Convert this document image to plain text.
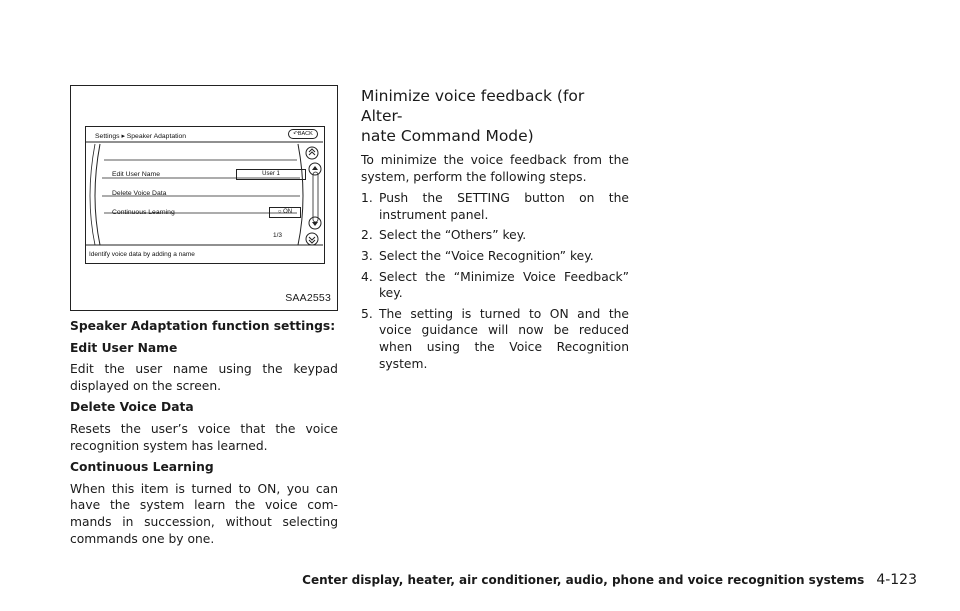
Settings ▸ Speaker Adaptation	↶BACK
Edit User Name	User 1
Delete Voice Data
Continuous Learning	○ ON
1/3
Identify voice data by adding a name
SAA2553

Speaker Adaptation function settings:

Edit User Name

Edit the user name using the keypad displayed on the screen.

Delete Voice Data

Resets the user’s voice that the voice recognition system has learned.

Continuous Learning

When this item is turned to ON, you can have the system learn the voice com-mands in succession, without selecting commands one by one.

Minimize voice feedback (for Alter-
nate Command Mode)

To minimize the voice feedback from the system, perform the following steps.

1. Push the SETTING button on the instrument panel.
2. Select the “Others” key.
3. Select the “Voice Recognition” key.
4. Select the “Minimize Voice Feedback” key.
5. The setting is turned to ON and the voice guidance will now be reduced when using the Voice Recognition system.
Center display, heater, air conditioner, audio, phone and voice recognition systems 4-123
